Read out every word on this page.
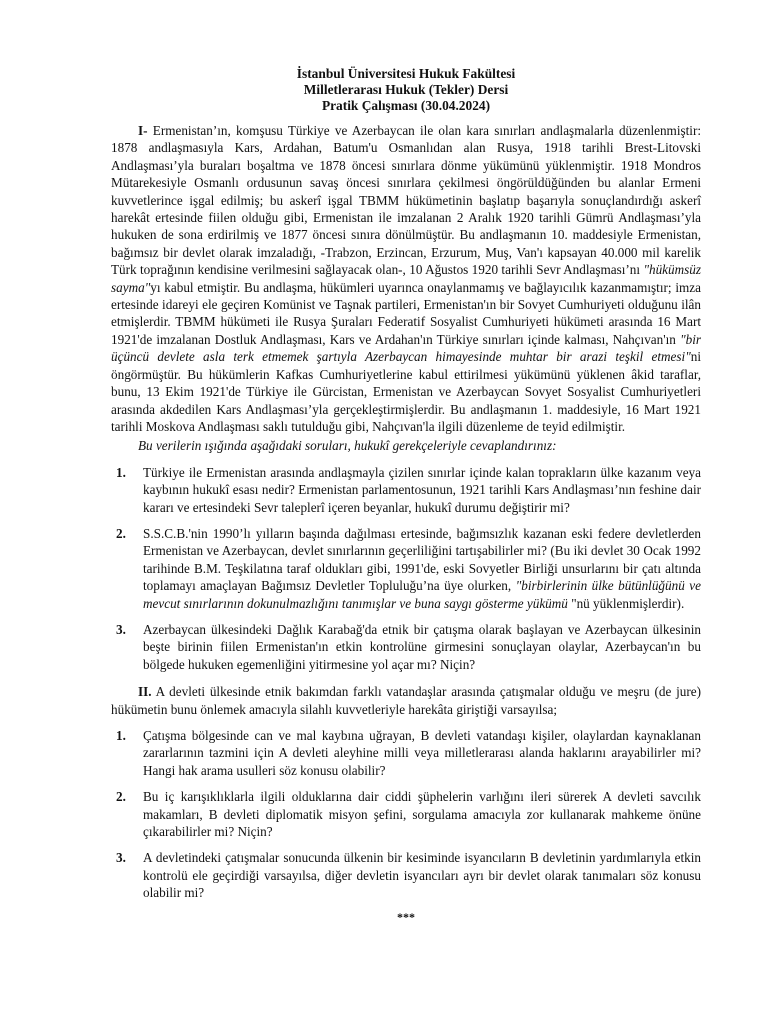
İstanbul Üniversitesi Hukuk Fakültesi
Milletlerarası Hukuk (Tekler) Dersi
Pratik Çalışması (30.04.2024)

I- Ermenistan’ın, komşusu Türkiye ve Azerbaycan ile olan kara sınırları andlaşmalarla düzenlenmiştir: 1878 andlaşmasıyla Kars, Ardahan, Batum'u Osmanlıdan alan Rusya, 1918 tarihli Brest-Litovski Andlaşması’yla buraları boşaltma ve 1878 öncesi sınırlara dönme yükümünü yüklenmiştir. 1918 Mondros Mütarekesiyle Osmanlı ordusunun savaş öncesi sınırlara çekilmesi öngörüldüğünden bu alanlar Ermeni kuvvetlerince işgal edilmiş; bu askerî işgal TBMM hükümetinin başlatıp başarıyla sonuçlandırdığı askerî harekât ertesinde fiilen olduğu gibi, Ermenistan ile imzalanan 2 Aralık 1920 tarihli Gümrü Andlaşması’yla hukuken de sona erdirilmiş ve 1877 öncesi sınıra dönülmüştür. Bu andlaşmanın 10. maddesiyle Ermenistan, bağımsız bir devlet olarak imzaladığı, -Trabzon, Erzincan, Erzurum, Muş, Van'ı kapsayan 40.000 mil karelik Türk toprağının kendisine verilmesini sağlayacak olan-, 10 Ağustos 1920 tarihli Sevr Andlaşması’nı "hükümsüz sayma"yı kabul etmiştir. Bu andlaşma, hükümleri uyarınca onaylanmamış ve bağlayıcılık kazanmamıştır; imza ertesinde idareyi ele geçiren Komünist ve Taşnak partileri, Ermenistan'ın bir Sovyet Cumhuriyeti olduğunu ilân etmişlerdir. TBMM hükümeti ile Rusya Şuraları Federatif Sosyalist Cumhuriyeti hükümeti arasında 16 Mart 1921'de imzalanan Dostluk Andlaşması, Kars ve Ardahan'ın Türkiye sınırları içinde kalması, Nahçıvan'ın "bir üçüncü devlete asla terk etmemek şartıyla Azerbaycan himayesinde muhtar bir arazi teşkil etmesi"ni öngörmüştür. Bu hükümlerin Kafkas Cumhuriyetlerine kabul ettirilmesi yükümünü yüklenen âkid taraflar, bunu, 13 Ekim 1921'de Türkiye ile Gürcistan, Ermenistan ve Azerbaycan Sovyet Sosyalist Cumhuriyetleri arasında akdedilen Kars Andlaşması’yla gerçekleştirmişlerdir. Bu andlaşmanın 1. maddesiyle, 16 Mart 1921 tarihli Moskova Andlaşması saklı tutulduğu gibi, Nahçıvan'la ilgili düzenleme de teyid edilmiştir.

Bu verilerin ışığında aşağıdaki soruları, hukukî gerekçeleriyle cevaplandırınız:

1. Türkiye ile Ermenistan arasında andlaşmayla çizilen sınırlar içinde kalan toprakların ülke kazanım veya kaybının hukukî esası nedir? Ermenistan parlamentosunun, 1921 tarihli Kars Andlaşması’nın feshine dair kararı ve ertesindeki Sevr taleplerî içeren beyanlar, hukukî durumu değiştirir mi?
2. S.S.C.B.'nin 1990’lı yılların başında dağılması ertesinde, bağımsızlık kazanan eski federe devletlerden Ermenistan ve Azerbaycan, devlet sınırlarının geçerliliğini tartışabilirler mi? (Bu iki devlet 30 Ocak 1992 tarihinde B.M. Teşkilatına taraf oldukları gibi, 1991'de, eski Sovyetler Birliği unsurlarını bir çatı altında toplamayı amaçlayan Bağımsız Devletler Topluluğu’na üye olurken, "birbirlerinin ülke bütünlüğünü ve mevcut sınırlarının dokunulmazlığını tanımışlar ve buna saygı gösterme yükümü "nü yüklenmişlerdir).
3. Azerbaycan ülkesindeki Dağlık Karabağ'da etnik bir çatışma olarak başlayan ve Azerbaycan ülkesinin beşte birinin fiilen Ermenistan'ın etkin kontrolüne girmesini sonuçlayan olaylar, Azerbaycan'ın bu bölgede hukuken egemenliğini yitirmesine yol açar mı? Niçin?

II. A devleti ülkesinde etnik bakımdan farklı vatandaşlar arasında çatışmalar olduğu ve meşru (de jure) hükümetin bunu önlemek amacıyla silahlı kuvvetleriyle harekâta giriştiği varsayılsa;

1. Çatışma bölgesinde can ve mal kaybına uğrayan, B devleti vatandaşı kişiler, olaylardan kaynaklanan zararlarının tazmini için A devleti aleyhine milli veya milletlerarası alanda haklarını arayabilirler mi? Hangi hak arama usulleri söz konusu olabilir?
2. Bu iç karışıklıklarla ilgili olduklarına dair ciddi şüphelerin varlığını ileri sürerek A devleti savcılık makamları, B devleti diplomatik misyon şefini, sorgulama amacıyla zor kullanarak mahkeme önüne çıkarabilirler mi? Niçin?
3. A devletindeki çatışmalar sonucunda ülkenin bir kesiminde isyancıların B devletinin yardımlarıyla etkin kontrolü ele geçirdiği varsayılsa, diğer devletin isyancıları ayrı bir devlet olarak tanımaları söz konusu olabilir mi?
***
